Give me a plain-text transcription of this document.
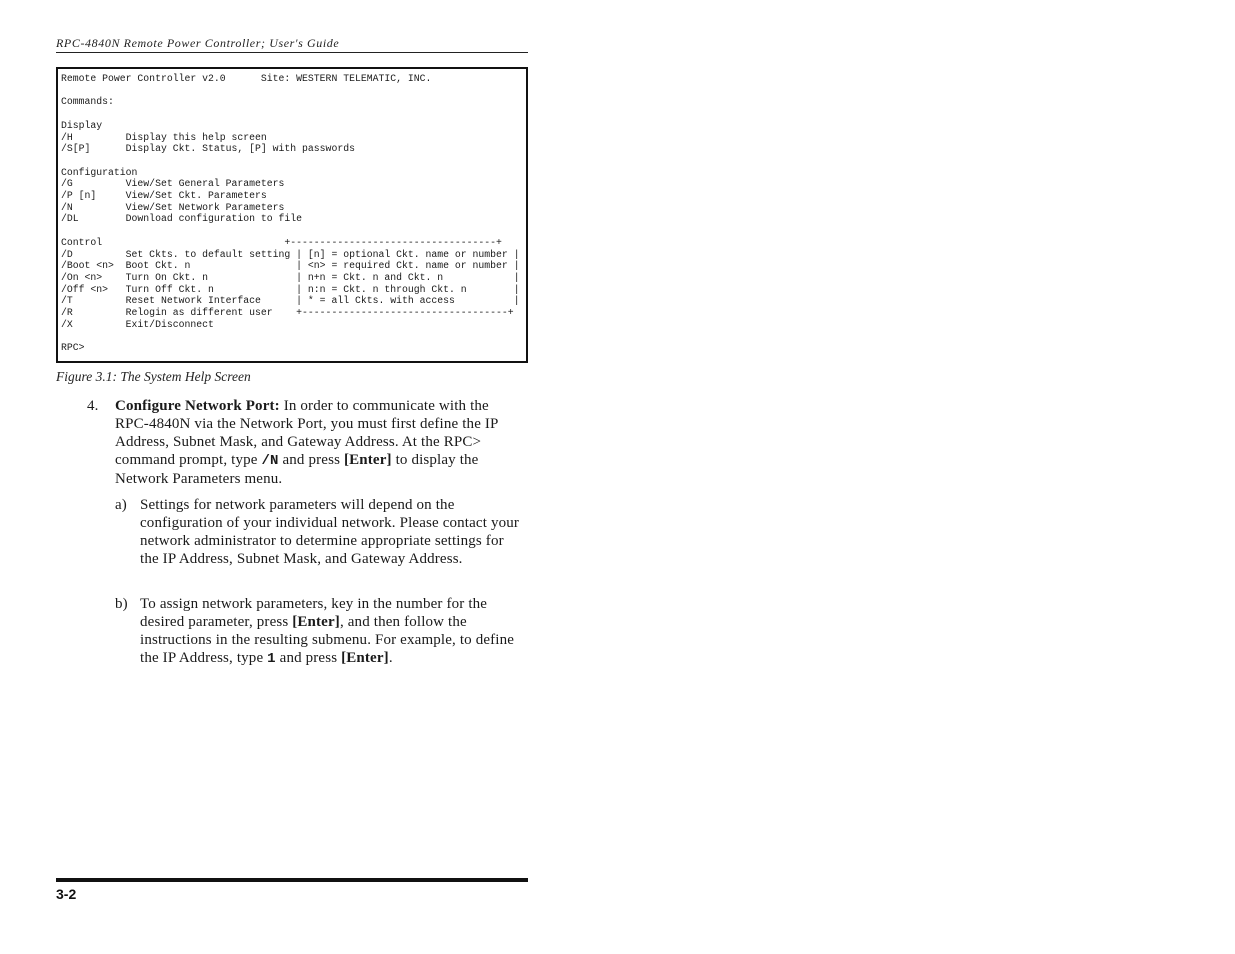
RPC-4840N Remote Power Controller; User's Guide
Remote Power Controller v2.0      Site: WESTERN TELEMATIC, INC.

Commands:

Display
/H         Display this help screen
/S[P]      Display Ckt. Status, [P] with passwords

Configuration
/G         View/Set General Parameters
/P [n]     View/Set Ckt. Parameters
/N         View/Set Network Parameters
/DL        Download configuration to file

Control                               +-----------------------------------+
/D         Set Ckts. to default setting | [n] = optional Ckt. name or number |
/Boot <n>  Boot Ckt. n                  | <n> = required Ckt. name or number |
/On <n>    Turn On Ckt. n               | n+n = Ckt. n and Ckt. n            |
/Off <n>   Turn Off Ckt. n              | n:n = Ckt. n through Ckt. n        |
/T         Reset Network Interface      | * = all Ckts. with access          |
/R         Relogin as different user    +-----------------------------------+
/X         Exit/Disconnect

RPC>

Figure 3.1: The System Help Screen
4. Configure Network Port: In order to communicate with the RPC-4840N via the Network Port, you must first define the IP Address, Subnet Mask, and Gateway Address. At the RPC> command prompt, type /N and press [Enter] to display the Network Parameters menu.
a) Settings for network parameters will depend on the configuration of your individual network. Please contact your network administrator to determine appropriate settings for the IP Address, Subnet Mask, and Gateway Address.
b) To assign network parameters, key in the number for the desired parameter, press [Enter], and then follow the instructions in the resulting submenu. For example, to define the IP Address, type 1 and press [Enter].
3-2
